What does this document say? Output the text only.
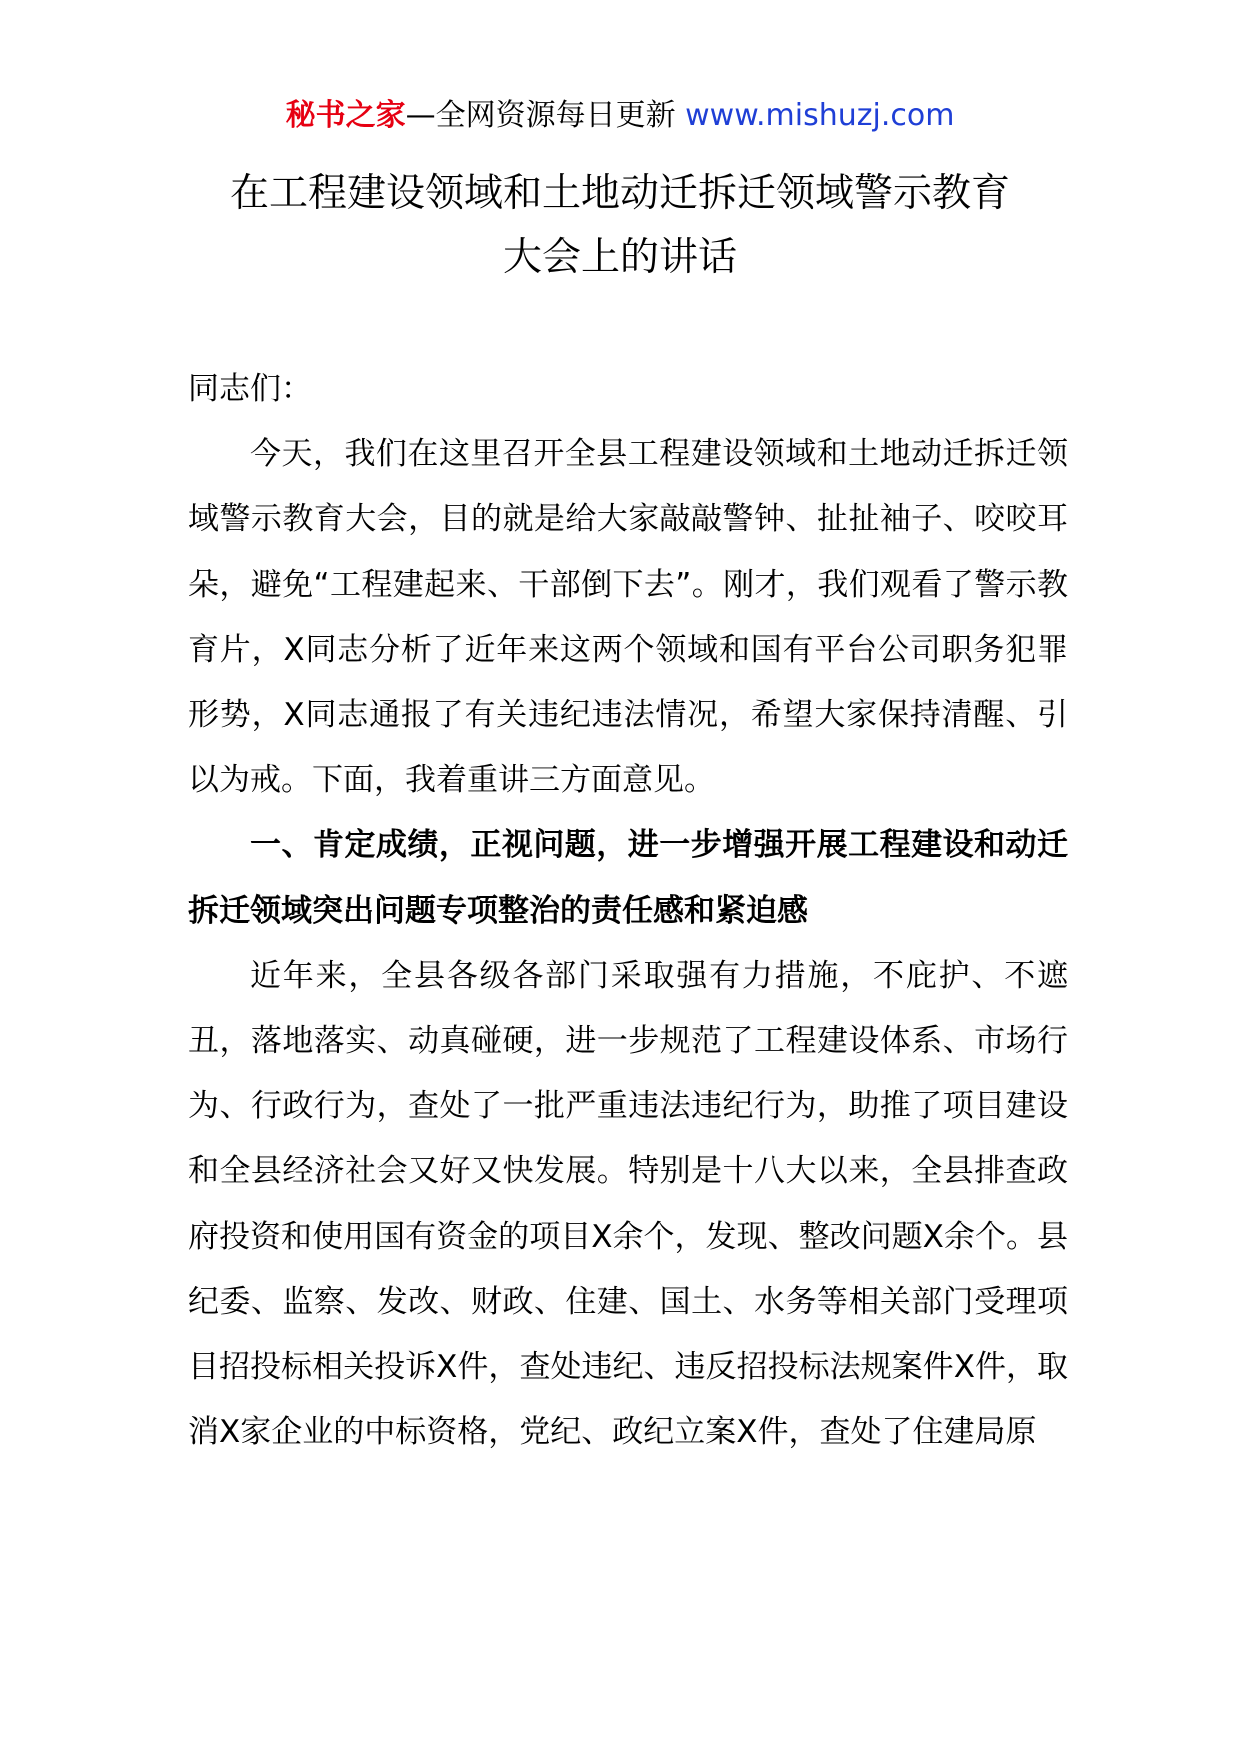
秘书之家—全网资源每日更新 www.mishuzj.com
在工程建设领域和土地动迁拆迁领域警示教育
大会上的讲话

同志们：

今天，我们在这里召开全县工程建设领域和土地动迁拆迁领域警示教育大会，目的就是给大家敲敲警钟、扯扯袖子、咬咬耳朵，避免“工程建起来、干部倒下去”。刚才，我们观看了警示教育片，X同志分析了近年来这两个领域和国有平台公司职务犯罪形势，X同志通报了有关违纪违法情况，希望大家保持清醒、引以为戒。下面，我着重讲三方面意见。

一、肯定成绩，正视问题，进一步增强开展工程建设和动迁拆迁领域突出问题专项整治的责任感和紧迫感

近年来，全县各级各部门采取强有力措施，不庇护、不遮丑，落地落实、动真碰硬，进一步规范了工程建设体系、市场行为、行政行为，查处了一批严重违法违纪行为，助推了项目建设和全县经济社会又好又快发展。特别是十八大以来，全县排查政府投资和使用国有资金的项目X余个，发现、整改问题X余个。县纪委、监察、发改、财政、住建、国土、水务等相关部门受理项目招投标相关投诉X件，查处违纪、违反招投标法规案件X件，取消X家企业的中标资格，党纪、政纪立案X件，查处了住建局原
